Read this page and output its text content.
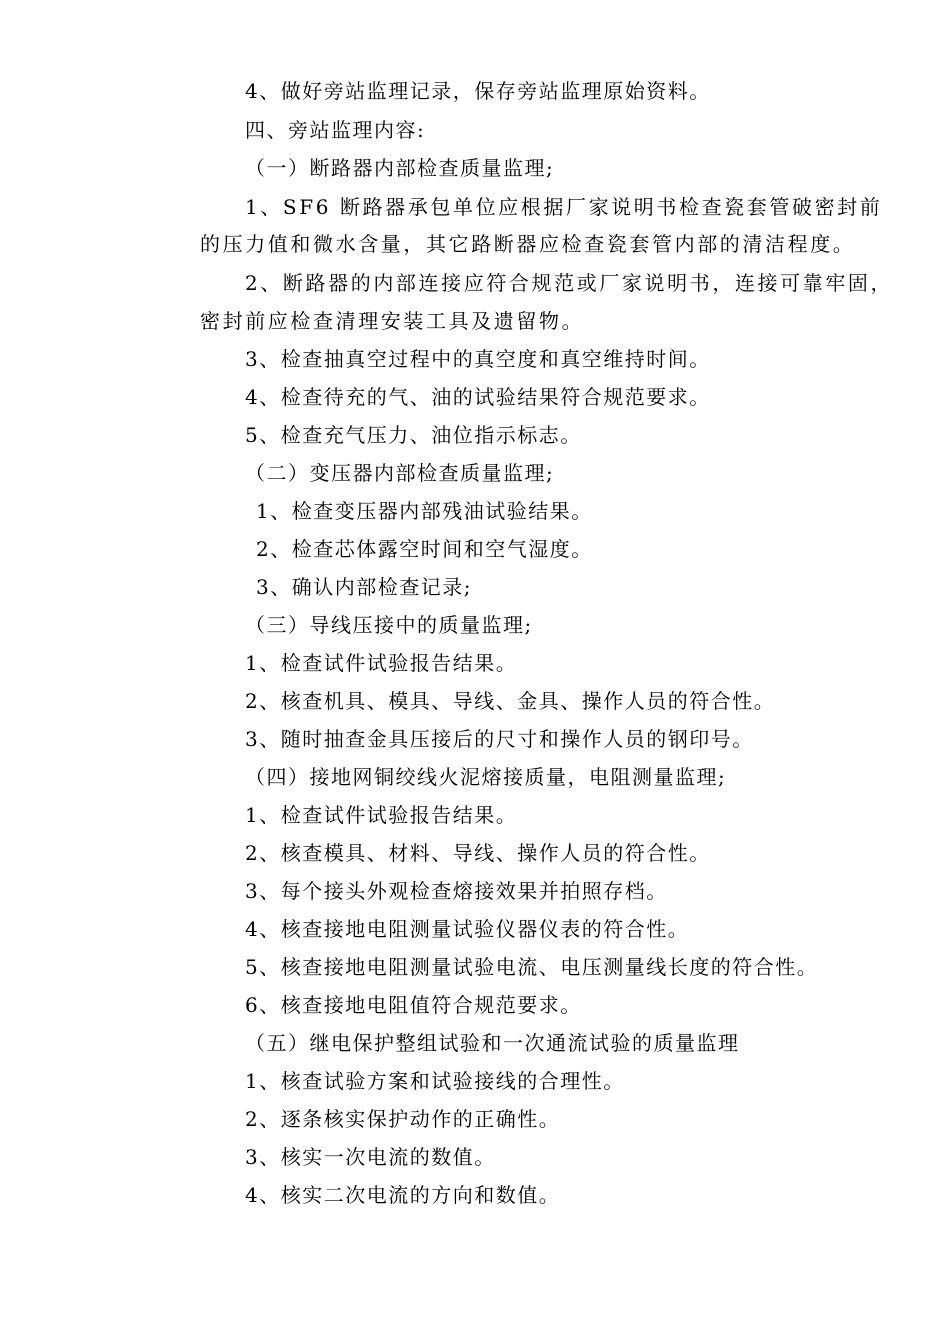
4、做好旁站监理记录，保存旁站监理原始资料。
四、旁站监理内容:
（一）断路器内部检查质量监理;
1、SF6 断路器承包单位应根据厂家说明书检查瓷套管破密封前
的压力值和微水含量，其它路断器应检查瓷套管内部的清洁程度。
2、断路器的内部连接应符合规范或厂家说明书，连接可靠牢固，
密封前应检查清理安装工具及遗留物。
3、检查抽真空过程中的真空度和真空维持时间。
4、检查待充的气、油的试验结果符合规范要求。
5、检查充气压力、油位指示标志。
（二）变压器内部检查质量监理;
1、检查变压器内部残油试验结果。
2、检查芯体露空时间和空气湿度。
3、确认内部检查记录;
（三）导线压接中的质量监理;
1、检查试件试验报告结果。
2、核查机具、模具、导线、金具、操作人员的符合性。
3、随时抽查金具压接后的尺寸和操作人员的钢印号。
（四）接地网铜绞线火泥熔接质量，电阻测量监理;
1、检查试件试验报告结果。
2、核查模具、材料、导线、操作人员的符合性。
3、每个接头外观检查熔接效果并拍照存档。
4、核查接地电阻测量试验仪器仪表的符合性。
5、核查接地电阻测量试验电流、电压测量线长度的符合性。
6、核查接地电阻值符合规范要求。
（五）继电保护整组试验和一次通流试验的质量监理
1、核查试验方案和试验接线的合理性。
2、逐条核实保护动作的正确性。
3、核实一次电流的数值。
4、核实二次电流的方向和数值。
